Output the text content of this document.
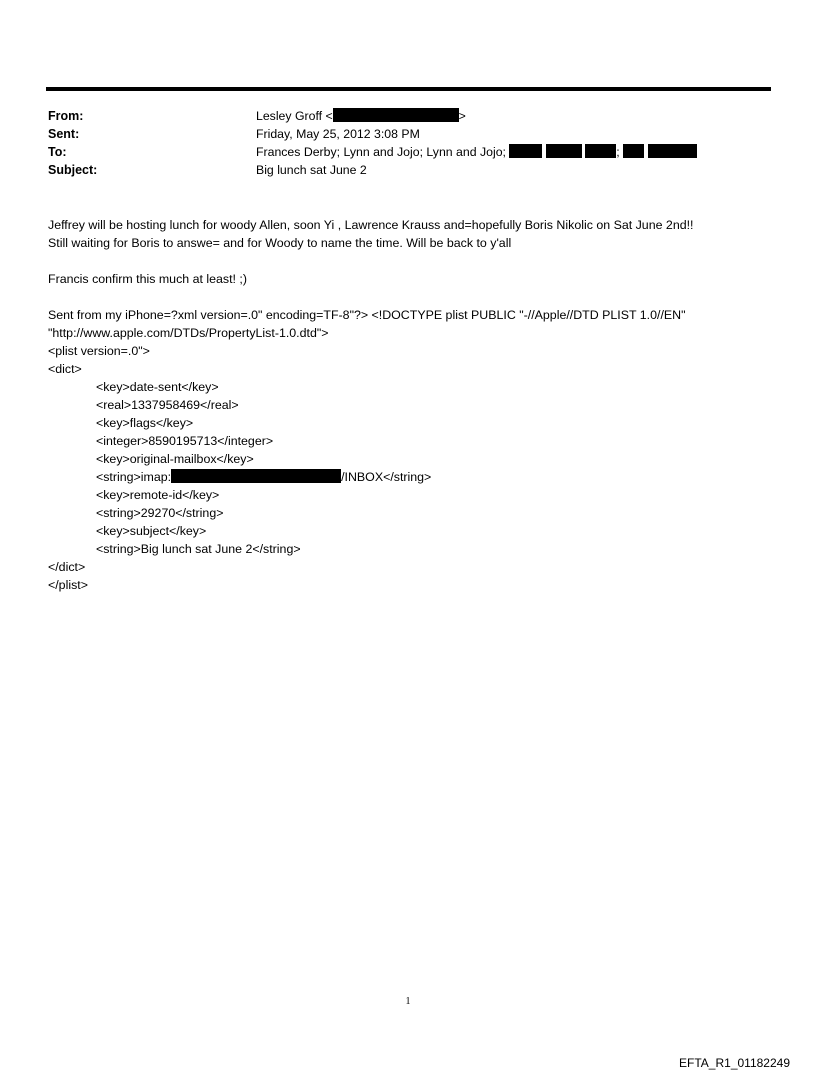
From:	Lesley Groff <	>
Sent:	Friday, May 25, 2012 3:08 PM
To:	Frances Derby; Lynn and Jojo; Lynn and Jojo;	;
Subject:	Big lunch sat June 2
Jeffrey will be hosting lunch for woody Allen, soon Yi , Lawrence Krauss and=hopefully Boris Nikolic on Sat June 2nd!!
Still waiting for Boris to answe= and for Woody to name the time. Will be back to y'all
Francis confirm this much at least! ;)
Sent from my iPhone=?xml version=.0" encoding=TF-8"?> <!DOCTYPE plist PUBLIC "-//Apple//DTD PLIST 1.0//EN"
"http://www.apple.com/DTDs/PropertyList-1.0.dtd">
<plist version=.0">
<dict>
<key>date-sent</key>
<real>1337958469</real>
<key>flags</key>
<integer>8590195713</integer>
<key>original-mailbox</key>
<string>imap:	/INBOX</string>
<key>remote-id</key>
<string>29270</string>
<key>subject</key>
<string>Big lunch sat June 2</string>
</dict>
</plist>
1
EFTA_R1_01182249
